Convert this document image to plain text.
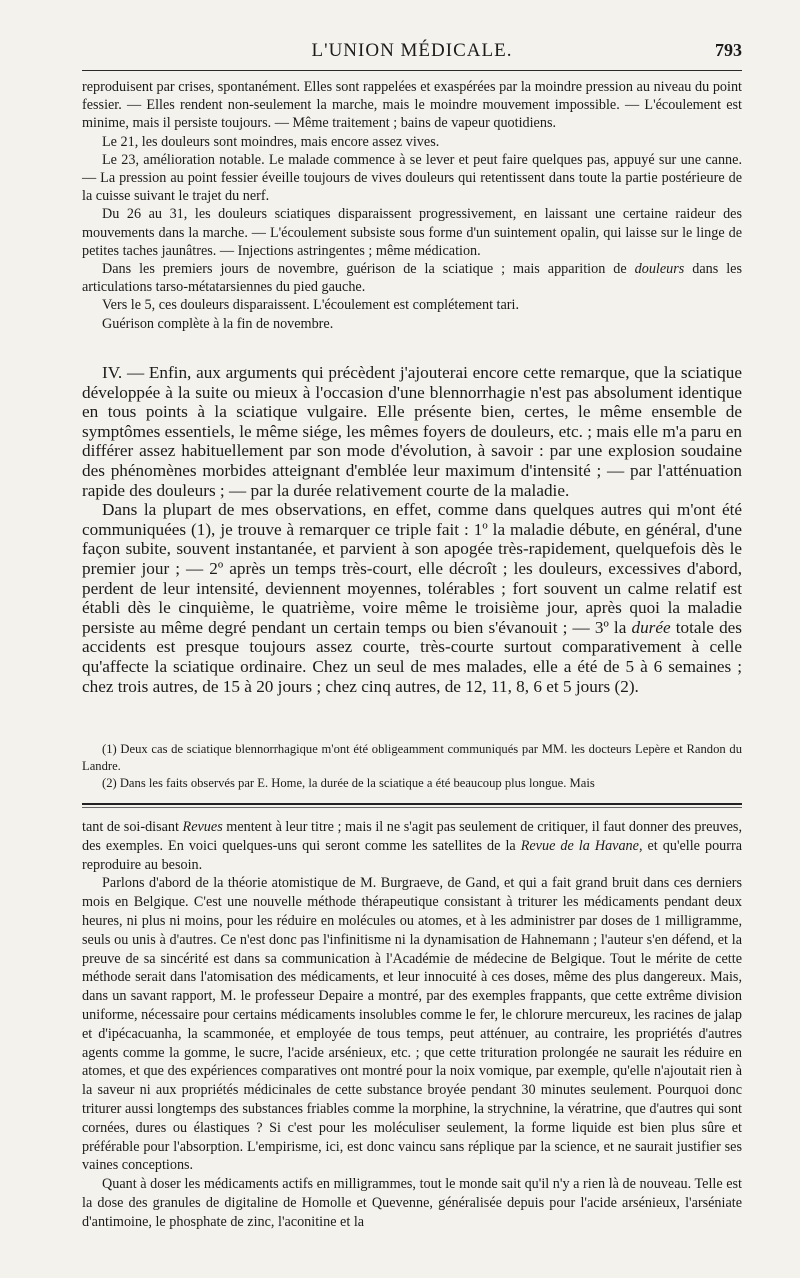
L'UNION MÉDICALE.	793

reproduisent par crises, spontanément. Elles sont rappelées et exaspérées par la moindre pression au niveau du point fessier. — Elles rendent non-seulement la marche, mais le moindre mouvement impossible. — L'écoulement est minime, mais il persiste toujours. — Même traitement ; bains de vapeur quotidiens.

Le 21, les douleurs sont moindres, mais encore assez vives.

Le 23, amélioration notable. Le malade commence à se lever et peut faire quelques pas, appuyé sur une canne. — La pression au point fessier éveille toujours de vives douleurs qui retentissent dans toute la partie postérieure de la cuisse suivant le trajet du nerf.

Du 26 au 31, les douleurs sciatiques disparaissent progressivement, en laissant une certaine raideur des mouvements dans la marche. — L'écoulement subsiste sous forme d'un suintement opalin, qui laisse sur le linge de petites taches jaunâtres. — Injections astringentes ; même médication.

Dans les premiers jours de novembre, guérison de la sciatique ; mais apparition de douleurs dans les articulations tarso-métatarsiennes du pied gauche.

Vers le 5, ces douleurs disparaissent. L'écoulement est complétement tari.

Guérison complète à la fin de novembre.

IV. — Enfin, aux arguments qui précèdent j'ajouterai encore cette remarque, que la sciatique développée à la suite ou mieux à l'occasion d'une blennorrhagie n'est pas absolument identique en tous points à la sciatique vulgaire. Elle présente bien, certes, le même ensemble de symptômes essentiels, le même siége, les mêmes foyers de douleurs, etc. ; mais elle m'a paru en différer assez habituellement par son mode d'évolution, à savoir : par une explosion soudaine des phénomènes morbides atteignant d'emblée leur maximum d'intensité ; — par l'atténuation rapide des douleurs ; — par la durée relativement courte de la maladie.

Dans la plupart de mes observations, en effet, comme dans quelques autres qui m'ont été communiquées (1), je trouve à remarquer ce triple fait : 1º la maladie débute, en général, d'une façon subite, souvent instantanée, et parvient à son apogée très-rapidement, quelquefois dès le premier jour ; — 2º après un temps très-court, elle décroît ; les douleurs, excessives d'abord, perdent de leur intensité, deviennent moyennes, tolérables ; fort souvent un calme relatif est établi dès le cinquième, le quatrième, voire même le troisième jour, après quoi la maladie persiste au même degré pendant un certain temps ou bien s'évanouit ; — 3º la durée totale des accidents est presque toujours assez courte, très-courte surtout comparativement à celle qu'affecte la sciatique ordinaire. Chez un seul de mes malades, elle a été de 5 à 6 semaines ; chez trois autres, de 15 à 20 jours ; chez cinq autres, de 12, 11, 8, 6 et 5 jours (2).

(1) Deux cas de sciatique blennorrhagique m'ont été obligeamment communiqués par MM. les docteurs Lepère et Randon du Landre.

(2) Dans les faits observés par E. Home, la durée de la sciatique a été beaucoup plus longue. Mais

tant de soi-disant Revues mentent à leur titre ; mais il ne s'agit pas seulement de critiquer, il faut donner des preuves, des exemples. En voici quelques-uns qui seront comme les satellites de la Revue de la Havane, et qu'elle pourra reproduire au besoin.

Parlons d'abord de la théorie atomistique de M. Burgraeve, de Gand, et qui a fait grand bruit dans ces derniers mois en Belgique. C'est une nouvelle méthode thérapeutique consistant à triturer les médicaments pendant deux heures, ni plus ni moins, pour les réduire en molécules ou atomes, et à les administrer par doses de 1 milligramme, seuls ou unis à d'autres. Ce n'est donc pas l'infinitisme ni la dynamisation de Hahnemann ; l'auteur s'en défend, et la preuve de sa sincérité est dans sa communication à l'Académie de médecine de Belgique. Tout le mérite de cette méthode serait dans l'atomisation des médicaments, et leur innocuité à ces doses, même des plus dangereux. Mais, dans un savant rapport, M. le professeur Depaire a montré, par des exemples frappants, que cette extrême division uniforme, nécessaire pour certains médicaments insolubles comme le fer, le chlorure mercureux, les racines de jalap et d'ipécacuanha, la scammonée, et employée de tous temps, peut atténuer, au contraire, les propriétés d'autres agents comme la gomme, le sucre, l'acide arsénieux, etc. ; que cette trituration prolongée ne saurait les réduire en atomes, et que des expériences comparatives ont montré pour la noix vomique, par exemple, qu'elle n'ajoutait rien à la saveur ni aux propriétés médicinales de cette substance broyée pendant 30 minutes seulement. Pourquoi donc triturer aussi longtemps des substances friables comme la morphine, la strychnine, la vératrine, que d'autres qui sont cornées, dures ou élastiques ? Si c'est pour les moléculiser seulement, la forme liquide est bien plus sûre et préférable pour l'absorption. L'empirisme, ici, est donc vaincu sans réplique par la science, et ne saurait justifier ses vaines conceptions.

Quant à doser les médicaments actifs en milligrammes, tout le monde sait qu'il n'y a rien là de nouveau. Telle est la dose des granules de digitaline de Homolle et Quevenne, généralisée depuis pour l'acide arsénieux, l'arséniate d'antimoine, le phosphate de zinc, l'aconitine et la
